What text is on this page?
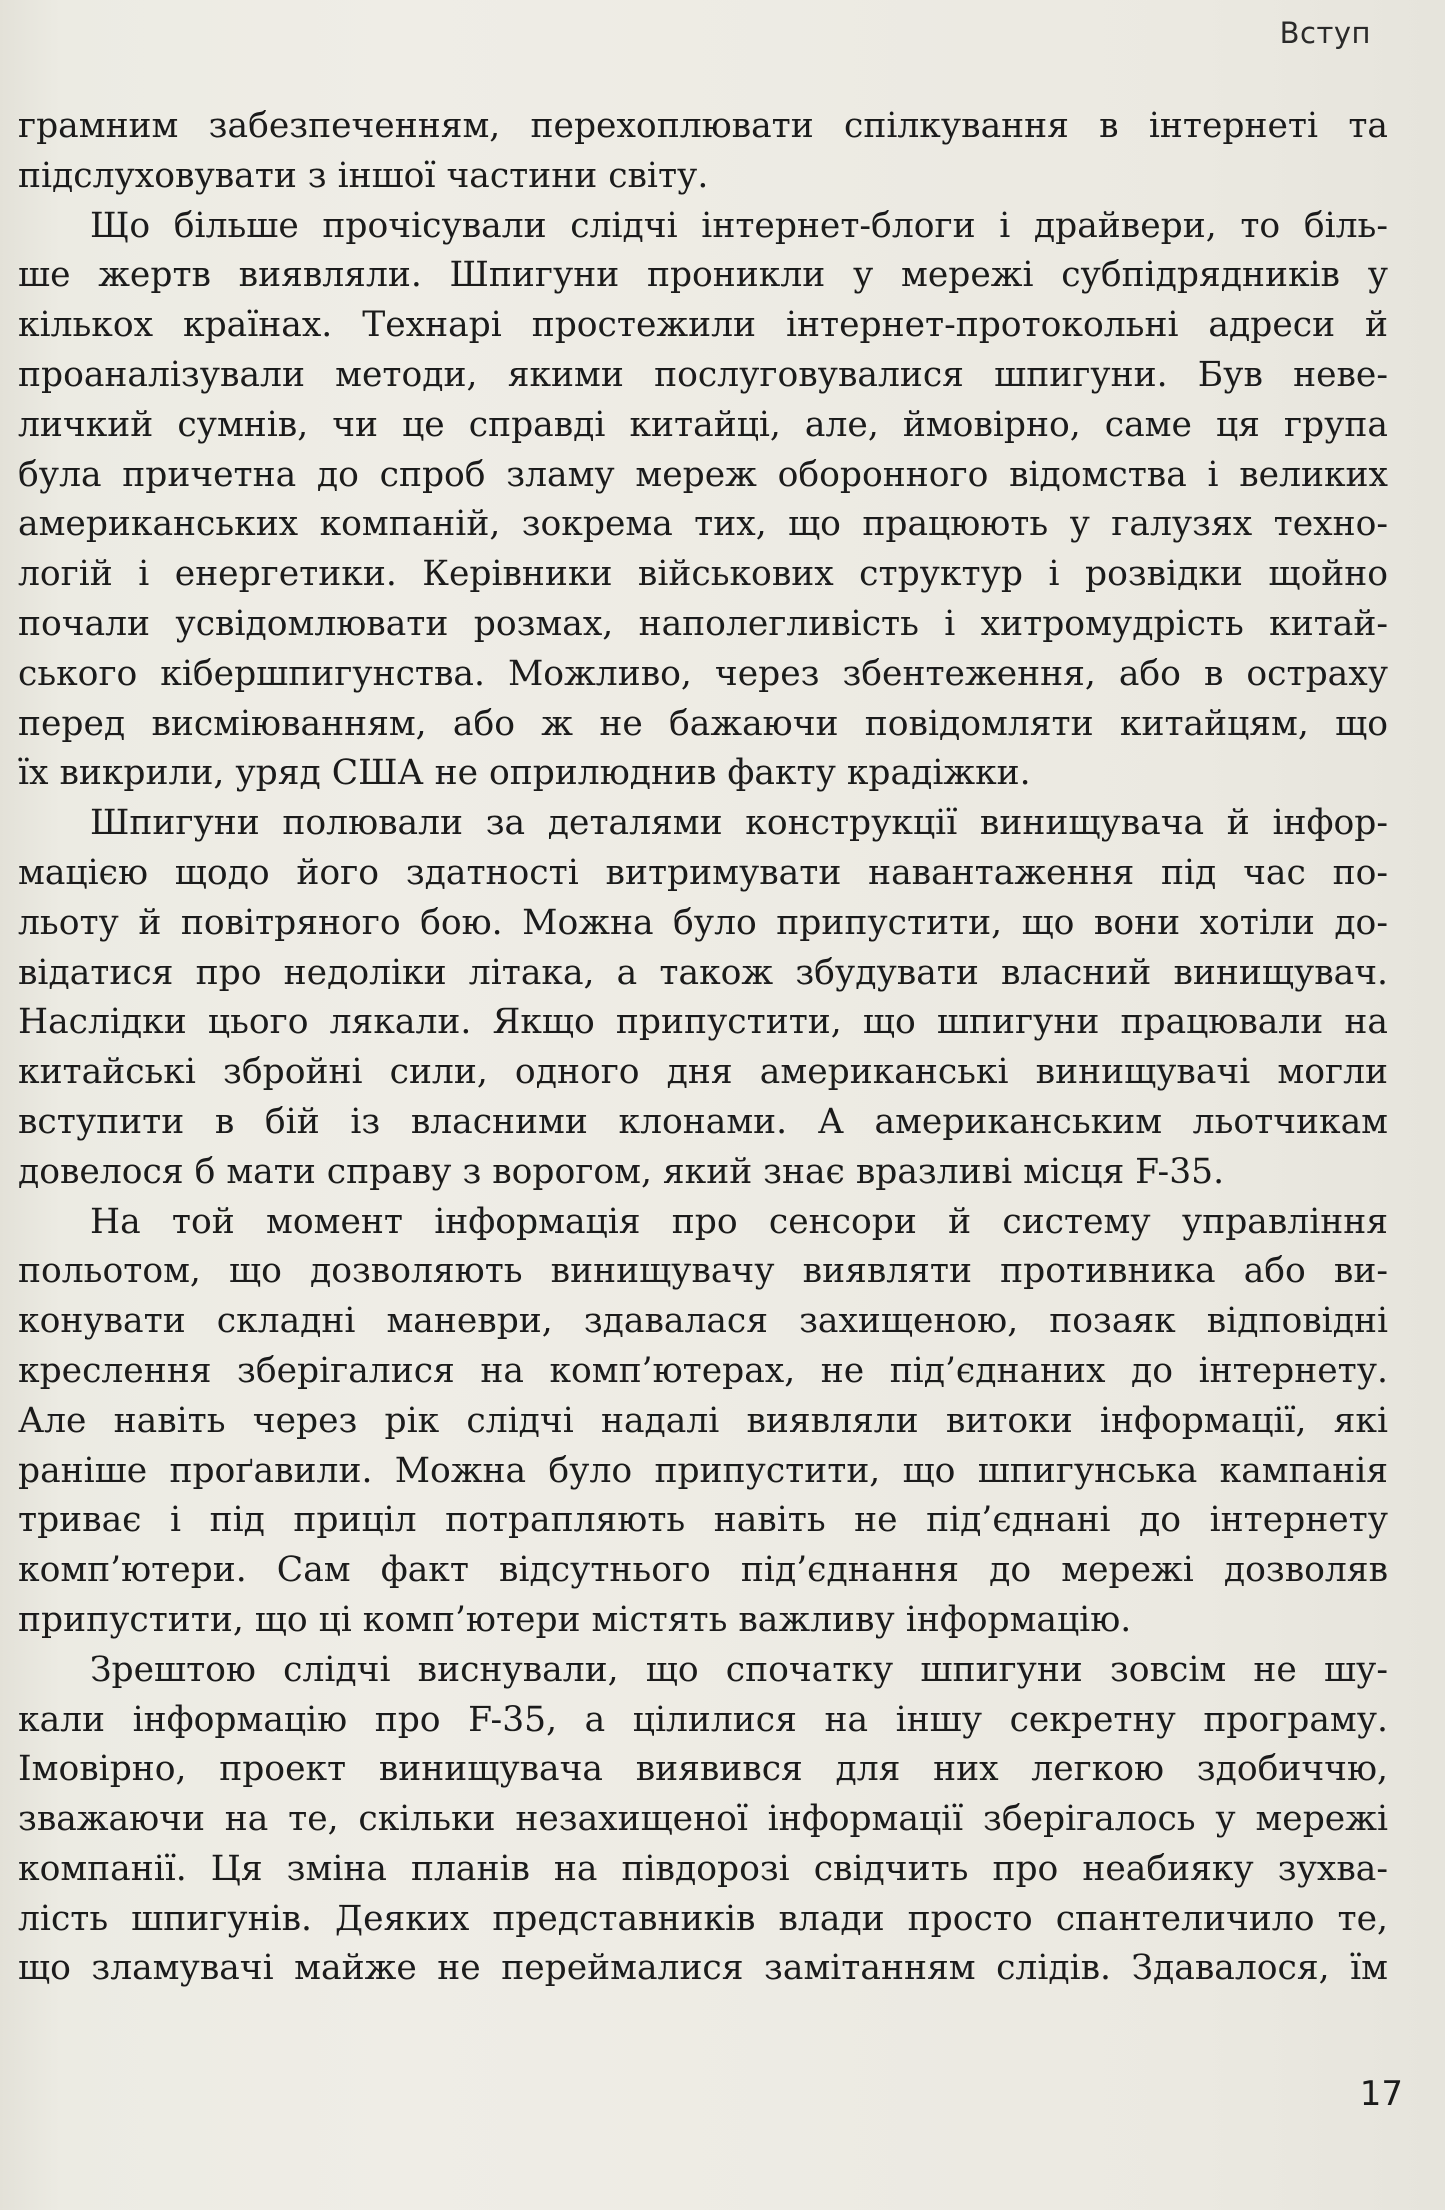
Вступ
грамним забезпеченням, перехоплювати спілкування в інтернеті та
підслуховувати з іншої частини світу.
Що більше прочісували слідчі інтернет-блоги і драйвери, то біль-
ше жертв виявляли. Шпигуни проникли у мережі субпідрядників у
кількох країнах. Технарі простежили інтернет-протокольні адреси й
проаналізували методи, якими послуговувалися шпигуни. Був неве-
личкий сумнів, чи це справді китайці, але, ймовірно, саме ця група
була причетна до спроб зламу мереж оборонного відомства і великих
американських компаній, зокрема тих, що працюють у галузях техно-
логій і енергетики. Керівники військових структур і розвідки щойно
почали усвідомлювати розмах, наполегливість і хитромудрість китай-
ського кібершпигунства. Можливо, через збентеження, або в остраху
перед висміюванням, або ж не бажаючи повідомляти китайцям, що
їх викрили, уряд США не оприлюднив факту крадіжки.
Шпигуни полювали за деталями конструкції винищувача й інфор-
мацією щодо його здатності витримувати навантаження під час по-
льоту й повітряного бою. Можна було припустити, що вони хотіли до-
відатися про недоліки літака, а також збудувати власний винищувач.
Наслідки цього лякали. Якщо припустити, що шпигуни працювали на
китайські збройні сили, одного дня американські винищувачі могли
вступити в бій із власними клонами. А американським льотчикам
довелося б мати справу з ворогом, який знає вразливі місця F-35.
На той момент інформація про сенсори й систему управління
польотом, що дозволяють винищувачу виявляти противника або ви-
конувати складні маневри, здавалася захищеною, позаяк відповідні
креслення зберігалися на комп’ютерах, не під’єднаних до інтернету.
Але навіть через рік слідчі надалі виявляли витоки інформації, які
раніше проґавили. Можна було припустити, що шпигунська кампанія
триває і під приціл потрапляють навіть не під’єднані до інтернету
комп’ютери. Сам факт відсутнього під’єднання до мережі дозволяв
припустити, що ці комп’ютери містять важливу інформацію.
Зрештою слідчі виснували, що спочатку шпигуни зовсім не шу-
кали інформацію про F-35, а цілилися на іншу секретну програму.
Імовірно, проект винищувача виявився для них легкою здобиччю,
зважаючи на те, скільки незахищеної інформації зберігалось у мережі
компанії. Ця зміна планів на півдорозі свідчить про неабияку зухва-
лість шпигунів. Деяких представників влади просто спантеличило те,
що зламувачі майже не переймалися замітанням слідів. Здавалося, їм
17
